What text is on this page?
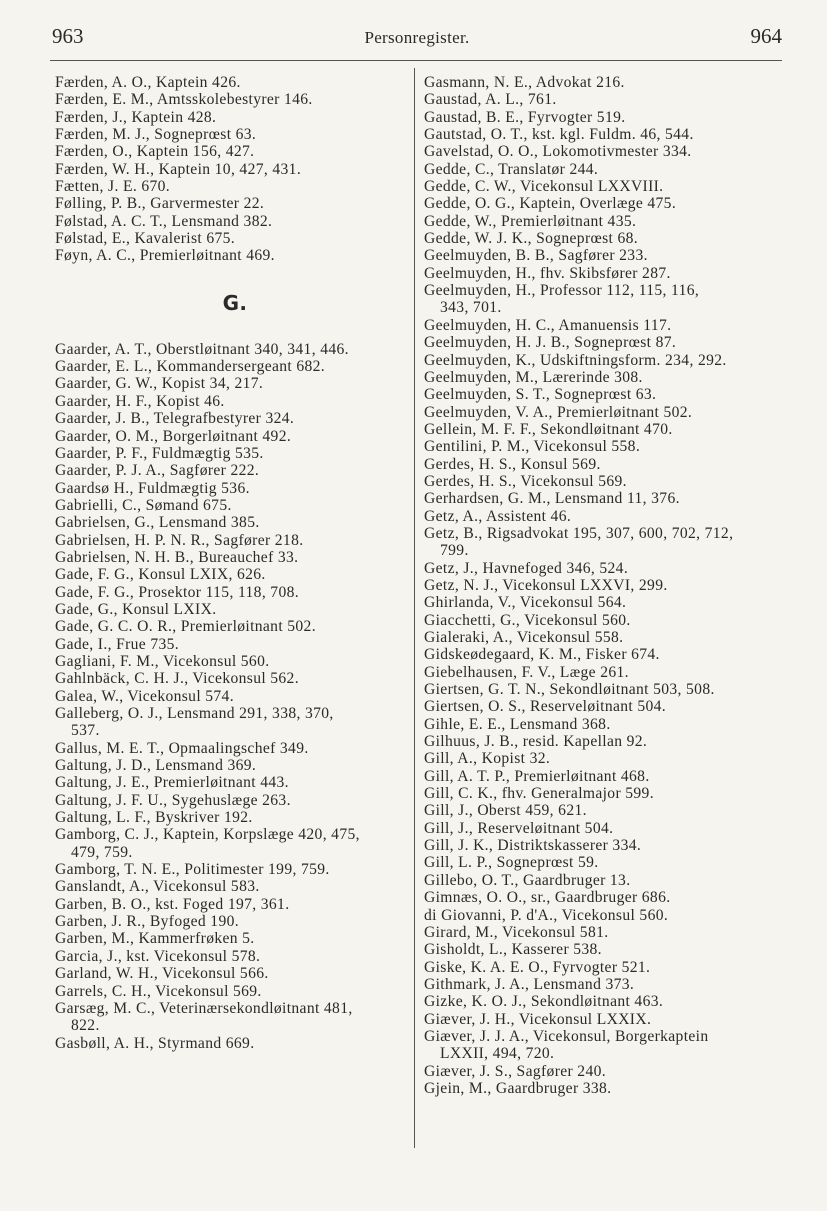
963	Personregister.	964
Færden, A. O., Kaptein 426.
Færden, E. M., Amtsskolebestyrer 146.
Færden, J., Kaptein 428.
Færden, M. J., Sogneprœst 63.
Færden, O., Kaptein 156, 427.
Færden, W. H., Kaptein 10, 427, 431.
Fætten, J. E. 670.
Følling, P. B., Garvermester 22.
Følstad, A. C. T., Lensmand 382.
Følstad, E., Kavalerist 675.
Føyn, A. C., Premierløitnant 469.
G.
Gaarder, A. T., Oberstløitnant 340, 341, 446.
Gaarder, E. L., Kommandersergeant 682.
Gaarder, G. W., Kopist 34, 217.
Gaarder, H. F., Kopist 46.
Gaarder, J. B., Telegrafbestyrer 324.
Gaarder, O. M., Borgerløitnant 492.
Gaarder, P. F., Fuldmægtig 535.
Gaarder, P. J. A., Sagfører 222.
Gaardsø H., Fuldmægtig 536.
Gabrielli, C., Sømand 675.
Gabrielsen, G., Lensmand 385.
Gabrielsen, H. P. N. R., Sagfører 218.
Gabrielsen, N. H. B., Bureauchef 33.
Gade, F. G., Konsul LXIX, 626.
Gade, F. G., Prosektor 115, 118, 708.
Gade, G., Konsul LXIX.
Gade, G. C. O. R., Premierløitnant 502.
Gade, I., Frue 735.
Gagliani, F. M., Vicekonsul 560.
Gahlnbäck, C. H. J., Vicekonsul 562.
Galea, W., Vicekonsul 574.
Galleberg, O. J., Lensmand 291, 338, 370,
537.
Gallus, M. E. T., Opmaalingschef 349.
Galtung, J. D., Lensmand 369.
Galtung, J. E., Premierløitnant 443.
Galtung, J. F. U., Sygehuslæge 263.
Galtung, L. F., Byskriver 192.
Gamborg, C. J., Kaptein, Korpslæge 420, 475,
479, 759.
Gamborg, T. N. E., Politimester 199, 759.
Ganslandt, A., Vicekonsul 583.
Garben, B. O., kst. Foged 197, 361.
Garben, J. R., Byfoged 190.
Garben, M., Kammerfrøken 5.
Garcia, J., kst. Vicekonsul 578.
Garland, W. H., Vicekonsul 566.
Garrels, C. H., Vicekonsul 569.
Garsæg, M. C., Veterinærsekondløitnant 481,
822.
Gasbøll, A. H., Styrmand 669.
Gasmann, N. E., Advokat 216.
Gaustad, A. L., 761.
Gaustad, B. E., Fyrvogter 519.
Gautstad, O. T., kst. kgl. Fuldm. 46, 544.
Gavelstad, O. O., Lokomotivmester 334.
Gedde, C., Translatør 244.
Gedde, C. W., Vicekonsul LXXVIII.
Gedde, O. G., Kaptein, Overlæge 475.
Gedde, W., Premierløitnant 435.
Gedde, W. J. K., Sogneprœst 68.
Geelmuyden, B. B., Sagfører 233.
Geelmuyden, H., fhv. Skibsfører 287.
Geelmuyden, H., Professor 112, 115, 116,
343, 701.
Geelmuyden, H. C., Amanuensis 117.
Geelmuyden, H. J. B., Sogneprœst 87.
Geelmuyden, K., Udskiftningsform. 234, 292.
Geelmuyden, M., Lærerinde 308.
Geelmuyden, S. T., Sogneprœst 63.
Geelmuyden, V. A., Premierløitnant 502.
Gellein, M. F. F., Sekondløitnant 470.
Gentilini, P. M., Vicekonsul 558.
Gerdes, H. S., Konsul 569.
Gerdes, H. S., Vicekonsul 569.
Gerhardsen, G. M., Lensmand 11, 376.
Getz, A., Assistent 46.
Getz, B., Rigsadvokat 195, 307, 600, 702, 712,
799.
Getz, J., Havnefoged 346, 524.
Getz, N. J., Vicekonsul LXXVI, 299.
Ghirlanda, V., Vicekonsul 564.
Giacchetti, G., Vicekonsul 560.
Gialeraki, A., Vicekonsul 558.
Gidskeødegaard, K. M., Fisker 674.
Giebelhausen, F. V., Læge 261.
Giertsen, G. T. N., Sekondløitnant 503, 508.
Giertsen, O. S., Reserveløitnant 504.
Gihle, E. E., Lensmand 368.
Gilhuus, J. B., resid. Kapellan 92.
Gill, A., Kopist 32.
Gill, A. T. P., Premierløitnant 468.
Gill, C. K., fhv. Generalmajor 599.
Gill, J., Oberst 459, 621.
Gill, J., Reserveløitnant 504.
Gill, J. K., Distriktskasserer 334.
Gill, L. P., Sogneprœst 59.
Gillebo, O. T., Gaardbruger 13.
Gimnæs, O. O., sr., Gaardbruger 686.
di Giovanni, P. d'A., Vicekonsul 560.
Girard, M., Vicekonsul 581.
Gisholdt, L., Kasserer 538.
Giske, K. A. E. O., Fyrvogter 521.
Githmark, J. A., Lensmand 373.
Gizke, K. O. J., Sekondløitnant 463.
Giæver, J. H., Vicekonsul LXXIX.
Giæver, J. J. A., Vicekonsul, Borgerkaptein
LXXII, 494, 720.
Giæver, J. S., Sagfører 240.
Gjein, M., Gaardbruger 338.
